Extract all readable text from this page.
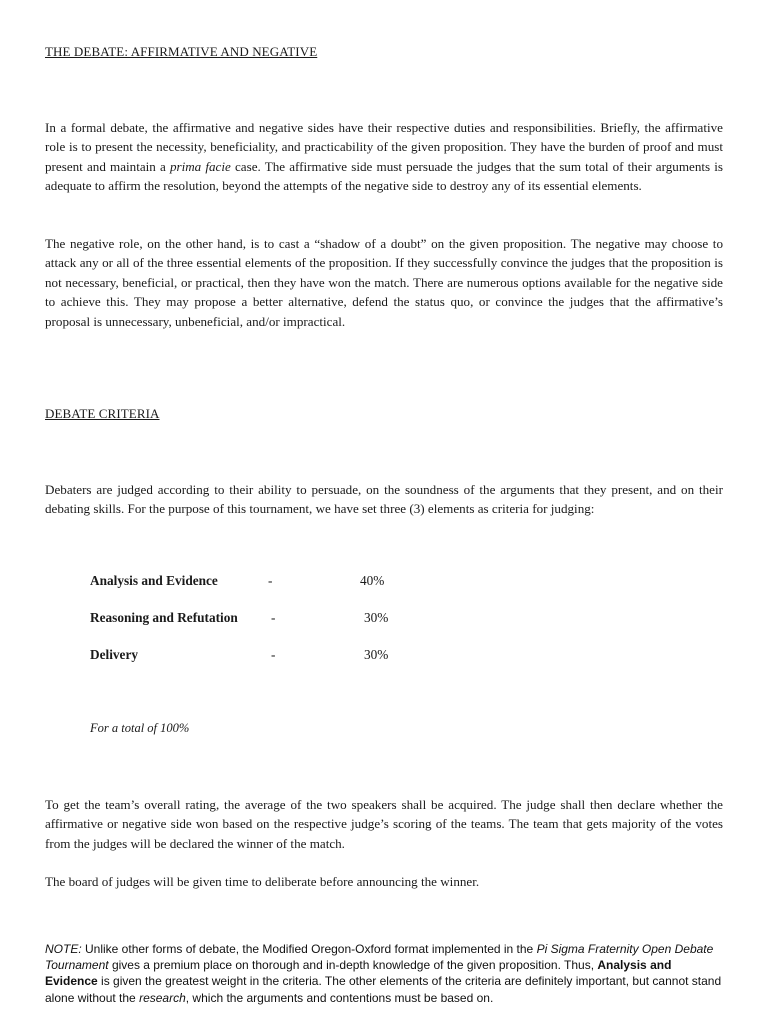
THE DEBATE: AFFIRMATIVE AND NEGATIVE

In a formal debate, the affirmative and negative sides have their respective duties and responsibilities. Briefly, the affirmative role is to present the necessity, beneficiality, and practicability of the given proposition. They have the burden of proof and must present and maintain a prima facie case. The affirmative side must persuade the judges that the sum total of their arguments is adequate to affirm the resolution, beyond the attempts of the negative side to destroy any of its essential elements.

The negative role, on the other hand, is to cast a “shadow of a doubt” on the given proposition. The negative may choose to attack any or all of the three essential elements of the proposition. If they successfully convince the judges that the proposition is not necessary, beneficial, or practical, then they have won the match. There are numerous options available for the negative side to achieve this. They may propose a better alternative, defend the status quo, or convince the judges that the affirmative’s proposal is unnecessary, unbeneficial, and/or impractical.

DEBATE CRITERIA

Debaters are judged according to their ability to persuade, on the soundness of the arguments that they present, and on their debating skills. For the purpose of this tournament, we have set three (3) elements as criteria for judging:

Analysis and Evidence	-	40%
Reasoning and Refutation -	30%
Delivery	-	30%
For a total of 100%

To get the team’s overall rating, the average of the two speakers shall be acquired. The judge shall then declare whether the affirmative or negative side won based on the respective judge’s scoring of the teams. The team that gets majority of the votes from the judges will be declared the winner of the match.

The board of judges will be given time to deliberate before announcing the winner.

NOTE: Unlike other forms of debate, the Modified Oregon-Oxford format implemented in the Pi Sigma Fraternity Open Debate Tournament gives a premium place on thorough and in-depth knowledge of the given proposition. Thus, Analysis and Evidence is given the greatest weight in the criteria. The other elements of the criteria are definitely important, but cannot stand alone without the research, which the arguments and contentions must be based on.
